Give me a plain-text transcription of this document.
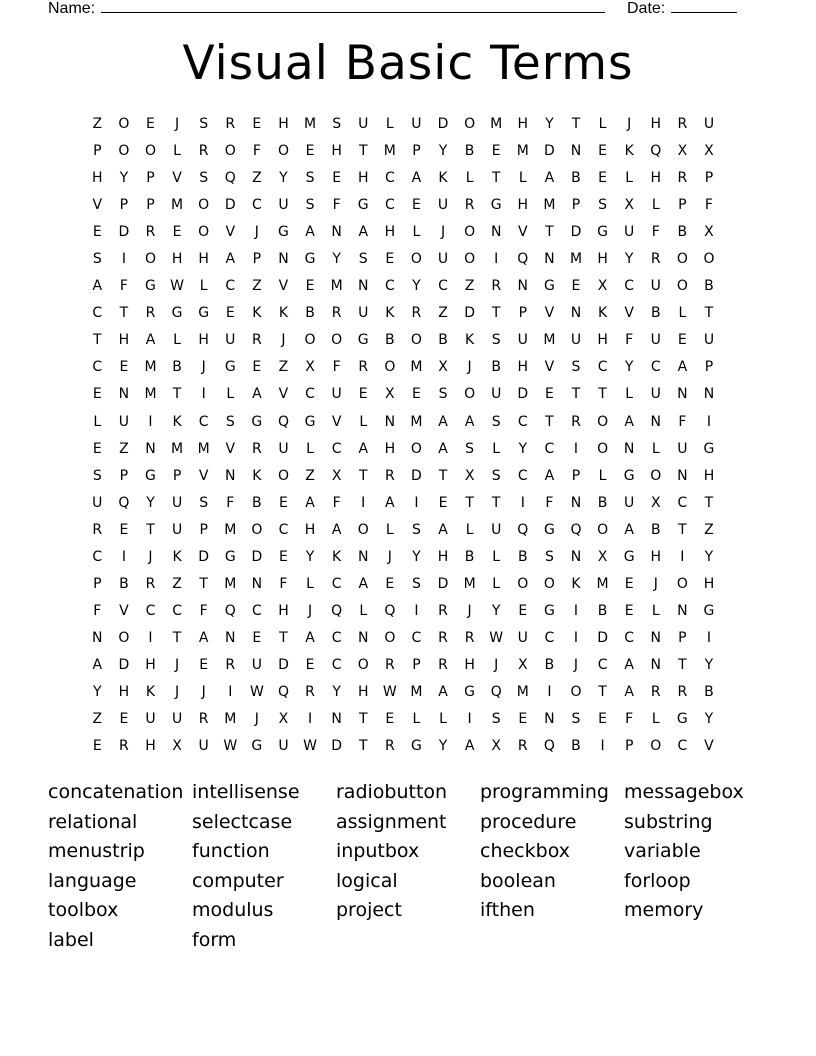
Name:	Date:
Visual Basic Terms
Z	O	E	J	S	R	E	H	M	S	U	L	U	D	O	M	H	Y	T	L	J	H	R	U
P	O	O	L	R	O	F	O	E	H	T	M	P	Y	B	E	M	D	N	E	K	Q	X	X
H	Y	P	V	S	Q	Z	Y	S	E	H	C	A	K	L	T	L	A	B	E	L	H	R	P
V	P	P	M	O	D	C	U	S	F	G	C	E	U	R	G	H	M	P	S	X	L	P	F
E	D	R	E	O	V	J	G	A	N	A	H	L	J	O	N	V	T	D	G	U	F	B	X
S	I	O	H	H	A	P	N	G	Y	S	E	O	U	O	I	Q	N	M	H	Y	R	O	O
A	F	G	W	L	C	Z	V	E	M	N	C	Y	C	Z	R	N	G	E	X	C	U	O	B
C	T	R	G	G	E	K	K	B	R	U	K	R	Z	D	T	P	V	N	K	V	B	L	T
T	H	A	L	H	U	R	J	O	O	G	B	O	B	K	S	U	M	U	H	F	U	E	U
C	E	M	B	J	G	E	Z	X	F	R	O	M	X	J	B	H	V	S	C	Y	C	A	P
E	N	M	T	I	L	A	V	C	U	E	X	E	S	O	U	D	E	T	T	L	U	N	N
L	U	I	K	C	S	G	Q	G	V	L	N	M	A	A	S	C	T	R	O	A	N	F	I
E	Z	N	M	M	V	R	U	L	C	A	H	O	A	S	L	Y	C	I	O	N	L	U	G
S	P	G	P	V	N	K	O	Z	X	T	R	D	T	X	S	C	A	P	L	G	O	N	H
U	Q	Y	U	S	F	B	E	A	F	I	A	I	E	T	T	I	F	N	B	U	X	C	T
R	E	T	U	P	M	O	C	H	A	O	L	S	A	L	U	Q	G	Q	O	A	B	T	Z
C	I	J	K	D	G	D	E	Y	K	N	J	Y	H	B	L	B	S	N	X	G	H	I	Y
P	B	R	Z	T	M	N	F	L	C	A	E	S	D	M	L	O	O	K	M	E	J	O	H
F	V	C	C	F	Q	C	H	J	Q	L	Q	I	R	J	Y	E	G	I	B	E	L	N	G
N	O	I	T	A	N	E	T	A	C	N	O	C	R	R	W	U	C	I	D	C	N	P	I
A	D	H	J	E	R	U	D	E	C	O	R	P	R	H	J	X	B	J	C	A	N	T	Y
Y	H	K	J	J	I	W	Q	R	Y	H	W M	A	G	Q	M	I	O	T	A	R	R	B
Z	E	U	U	R	M	J	X	I	N	T	E	L	L	I	S	E	N	S	E	F	L	G	Y
E	R	H	X	U	W	G	U	W	D	T	R	G	Y	A	X	R	Q	B	I	P	O	C	V
concatenation intellisense	radiobutton	programming messagebox
relational	selectcase	assignment	procedure	substring
menustrip	function	inputbox	checkbox	variable
language	computer	logical	boolean	forloop
toolbox	modulus	project	ifthen	memory
label	form
